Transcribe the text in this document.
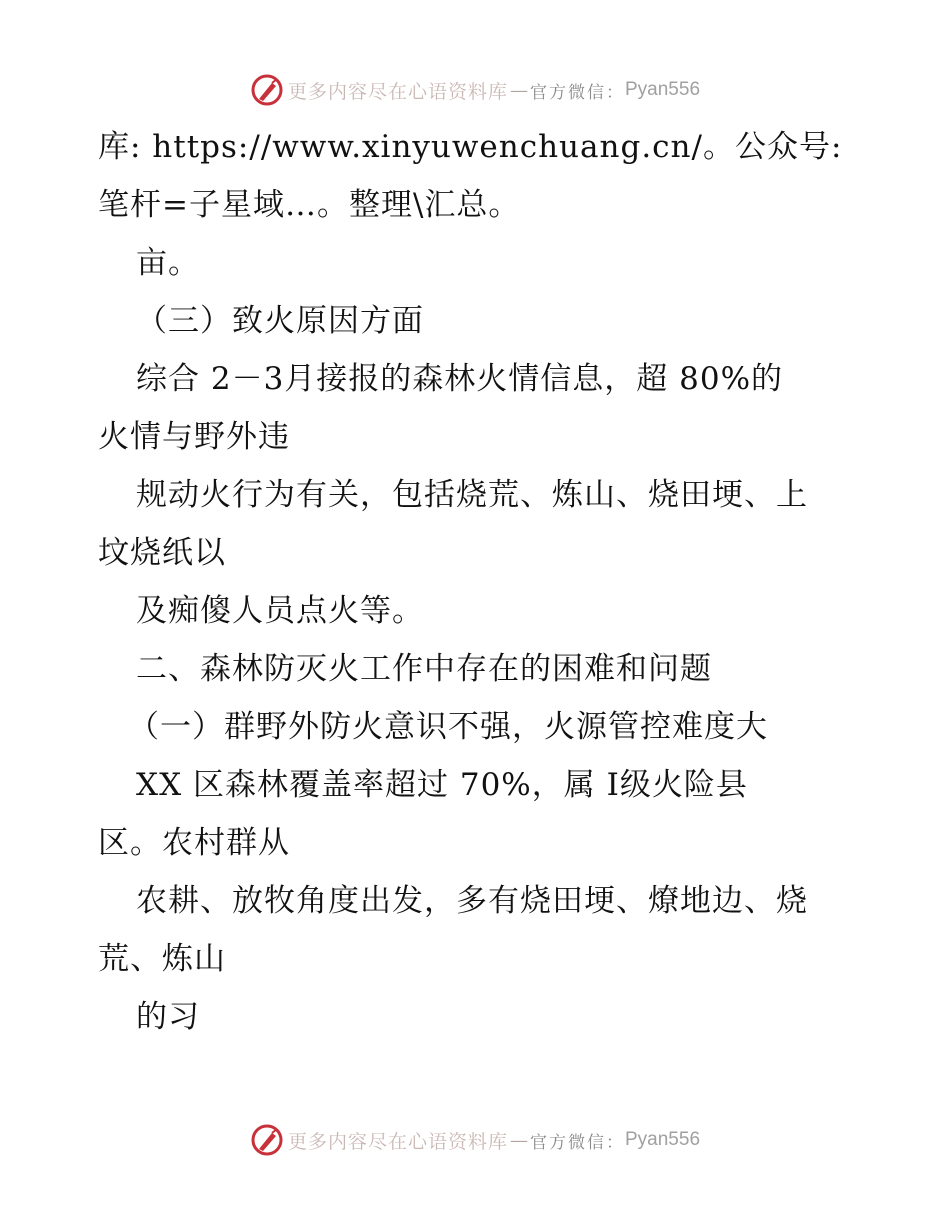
更多内容尽在心语资料库 — 官方微信： Pyan556
库: https://www.xinyuwenchuang.cn/。公众号:
笔杆=子星域…。整理\汇总。
亩。
（三）致火原因方面
综合 2－3月接报的森林火情信息，超 80%的
火情与野外违
规动火行为有关，包括烧荒、炼山、烧田埂、上
坟烧纸以
及痴傻人员点火等。
二、森林防灭火工作中存在的困难和问题
（一）群野外防火意识不强，火源管控难度大
XX 区森林覆盖率超过 70%，属 I级火险县
区。农村群从
农耕、放牧角度出发，多有烧田埂、燎地边、烧
荒、炼山
的习
更多内容尽在心语资料库 — 官方微信： Pyan556
